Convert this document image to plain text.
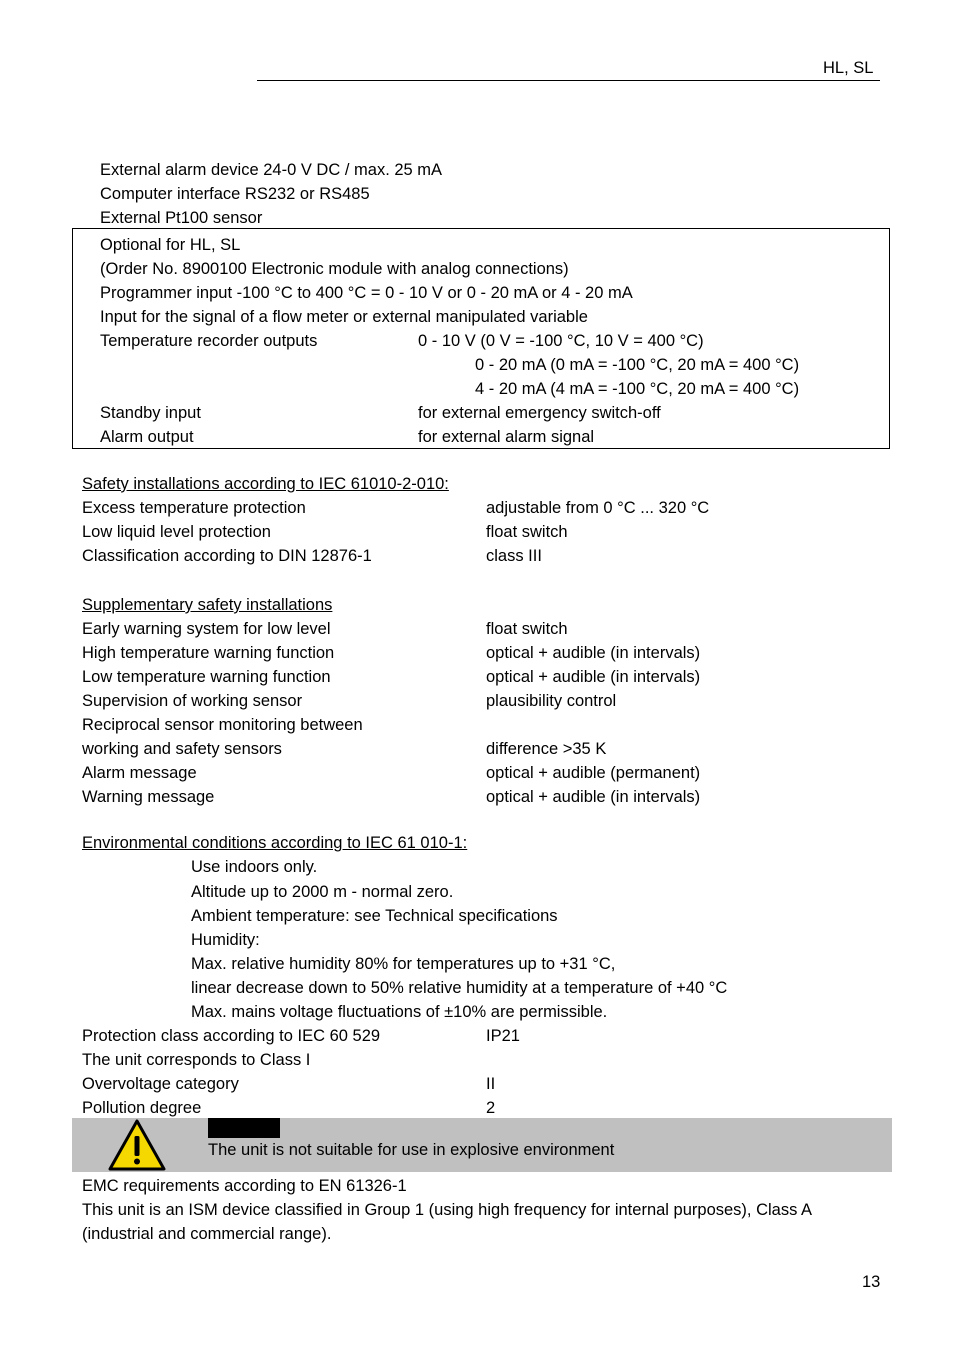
HL, SL
External alarm device 24-0 V DC / max. 25 mA
Computer interface RS232 or RS485
External Pt100 sensor
Optional for HL, SL
(Order No. 8900100 Electronic module with analog connections)
Programmer input -100 °C to 400 °C = 0 - 10 V or 0 - 20 mA or 4 - 20 mA
Input for the signal of a flow meter or external manipulated variable
Temperature recorder outputs	0 - 10 V (0 V = -100 °C, 10 V = 400 °C)
0 - 20 mA (0 mA = -100 °C, 20 mA = 400 °C)
4 - 20 mA (4 mA = -100 °C, 20 mA = 400 °C)
Standby input	for external emergency switch-off
Alarm output	for external alarm signal
Safety installations according to IEC 61010-2-010:
Excess temperature protection	adjustable from 0 °C ... 320 °C
Low liquid level protection	float switch
Classification according to DIN 12876-1	class III
Supplementary safety installations
Early warning system for low level	float switch
High temperature warning function	optical + audible (in intervals)
Low temperature warning function	optical + audible (in intervals)
Supervision of working sensor	plausibility control
Reciprocal sensor monitoring between
working and safety sensors	difference >35 K
Alarm message	optical + audible (permanent)
Warning message	optical + audible (in intervals)
Environmental conditions according to IEC 61 010-1:
Use indoors only.
Altitude up to 2000 m - normal zero.
Ambient temperature: see Technical specifications
Humidity:
Max. relative humidity 80% for temperatures up to +31 °C,
linear decrease down to 50% relative humidity at a temperature of +40 °C
Max. mains voltage fluctuations of ±10% are permissible.
Protection class according to IEC 60 529	IP21
The unit corresponds to Class I
Overvoltage category	II
Pollution degree	2
The unit is not suitable for use in explosive environment
EMC requirements according to EN 61326-1
This unit is an ISM device classified in Group 1 (using high frequency for internal purposes), Class A
(industrial and commercial range).
13
